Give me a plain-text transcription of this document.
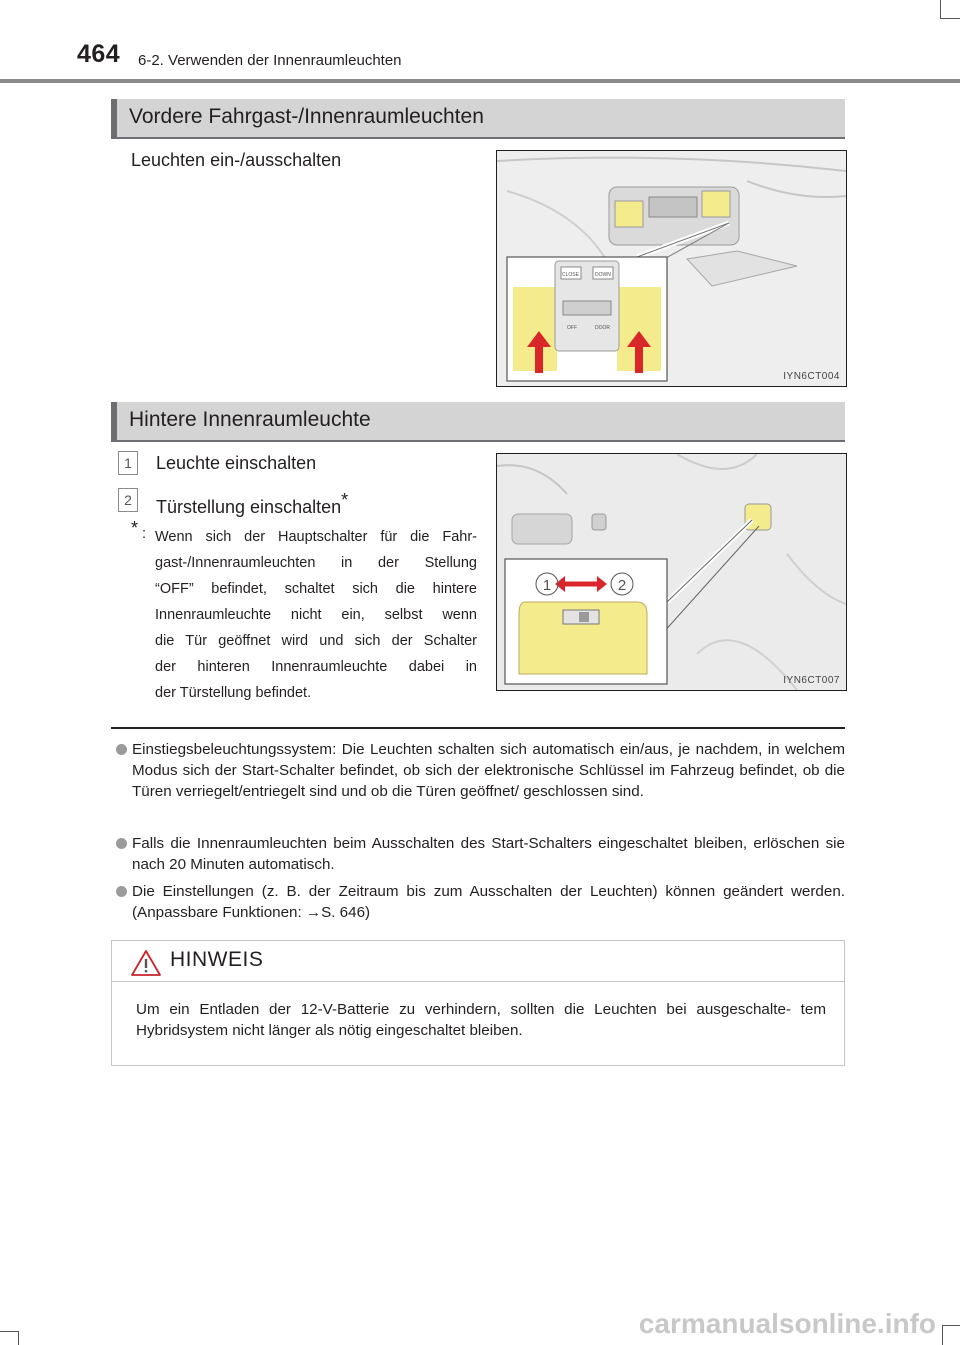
464 6-2. Verwenden der Innenraumleuchten
Vordere Fahrgast-/Innenraumleuchten
Leuchten ein-/ausschalten
CLOSE	DOWN
OFF	DOOR
IYN6CT004
Hintere Innenraumleuchte
1	Leuchte einschalten
2	Türstellung einschalten*
* : Wenn sich der Hauptschalter für die Fahr-
gast-/Innenraumleuchten in der Stellung
“OFF” befindet, schaltet sich die hintere
Innenraumleuchte nicht ein, selbst wenn
die Tür geöffnet wird und sich der Schalter
der hinteren Innenraumleuchte dabei in
der Türstellung befindet.
1	2
IYN6CT007
Einstiegsbeleuchtungssystem: Die Leuchten schalten sich automatisch ein/aus, je nachdem, in welchem Modus sich der Start-Schalter befindet, ob sich der elektronische Schlüssel im Fahrzeug befindet, ob die Türen verriegelt/entriegelt sind und ob die Türen geöffnet/ geschlossen sind.
Falls die Innenraumleuchten beim Ausschalten des Start-Schalters eingeschaltet bleiben, erlöschen sie nach 20 Minuten automatisch.
Die Einstellungen (z. B. der Zeitraum bis zum Ausschalten der Leuchten) können geändert werden. (Anpassbare Funktionen: →S. 646)
HINWEIS
Um ein Entladen der 12-V-Batterie zu verhindern, sollten die Leuchten bei ausgeschalte- tem Hybridsystem nicht länger als nötig eingeschaltet bleiben.
carmanualsonline.info
